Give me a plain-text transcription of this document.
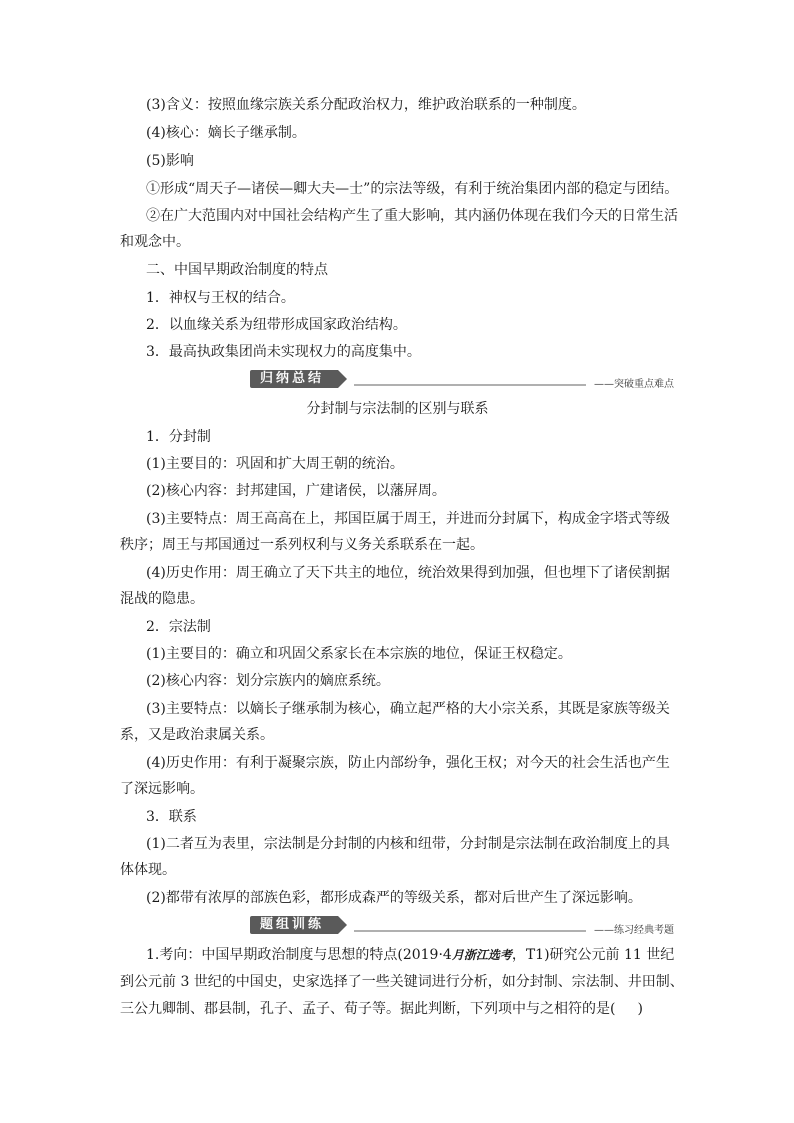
(3)含义：按照血缘宗族关系分配政治权力，维护政治联系的一种制度。
(4)核心：嫡长子继承制。
(5)影响
①形成“周天子—诸侯—卿大夫—士”的宗法等级，有利于统治集团内部的稳定与团结。
②在广大范围内对中国社会结构产生了重大影响，其内涵仍体现在我们今天的日常生活
和观念中。
二、中国早期政治制度的特点
1．神权与王权的结合。
2．以血缘关系为纽带形成国家政治结构。
3．最高执政集团尚未实现权力的高度集中。
归纳总结	——突破重点难点
分封制与宗法制的区别与联系
1．分封制
(1)主要目的：巩固和扩大周王朝的统治。
(2)核心内容：封邦建国，广建诸侯，以藩屏周。
(3)主要特点：周王高高在上，邦国臣属于周王，并进而分封属下，构成金字塔式等级
秩序；周王与邦国通过一系列权利与义务关系联系在一起。
(4)历史作用：周王确立了天下共主的地位，统治效果得到加强，但也埋下了诸侯割据
混战的隐患。
2．宗法制
(1)主要目的：确立和巩固父系家长在本宗族的地位，保证王权稳定。
(2)核心内容：划分宗族内的嫡庶系统。
(3)主要特点：以嫡长子继承制为核心，确立起严格的大小宗关系，其既是家族等级关
系，又是政治隶属关系。
(4)历史作用：有利于凝聚宗族，防止内部纷争，强化王权；对今天的社会生活也产生
了深远影响。
3．联系
(1)二者互为表里，宗法制是分封制的内核和纽带，分封制是宗法制在政治制度上的具
体体现。
(2)都带有浓厚的部族色彩，都形成森严的等级关系，都对后世产生了深远影响。
题组训练	——练习经典考题
1.考向：中国早期政治制度与思想的特点(2019·4月浙江选考，T1)研究公元前 11 世纪
到公元前 3 世纪的中国史，史家选择了一些关键词进行分析，如分封制、宗法制、井田制、
三公九卿制、郡县制，孔子、孟子、荀子等。据此判断，下列项中与之相符的是( )
